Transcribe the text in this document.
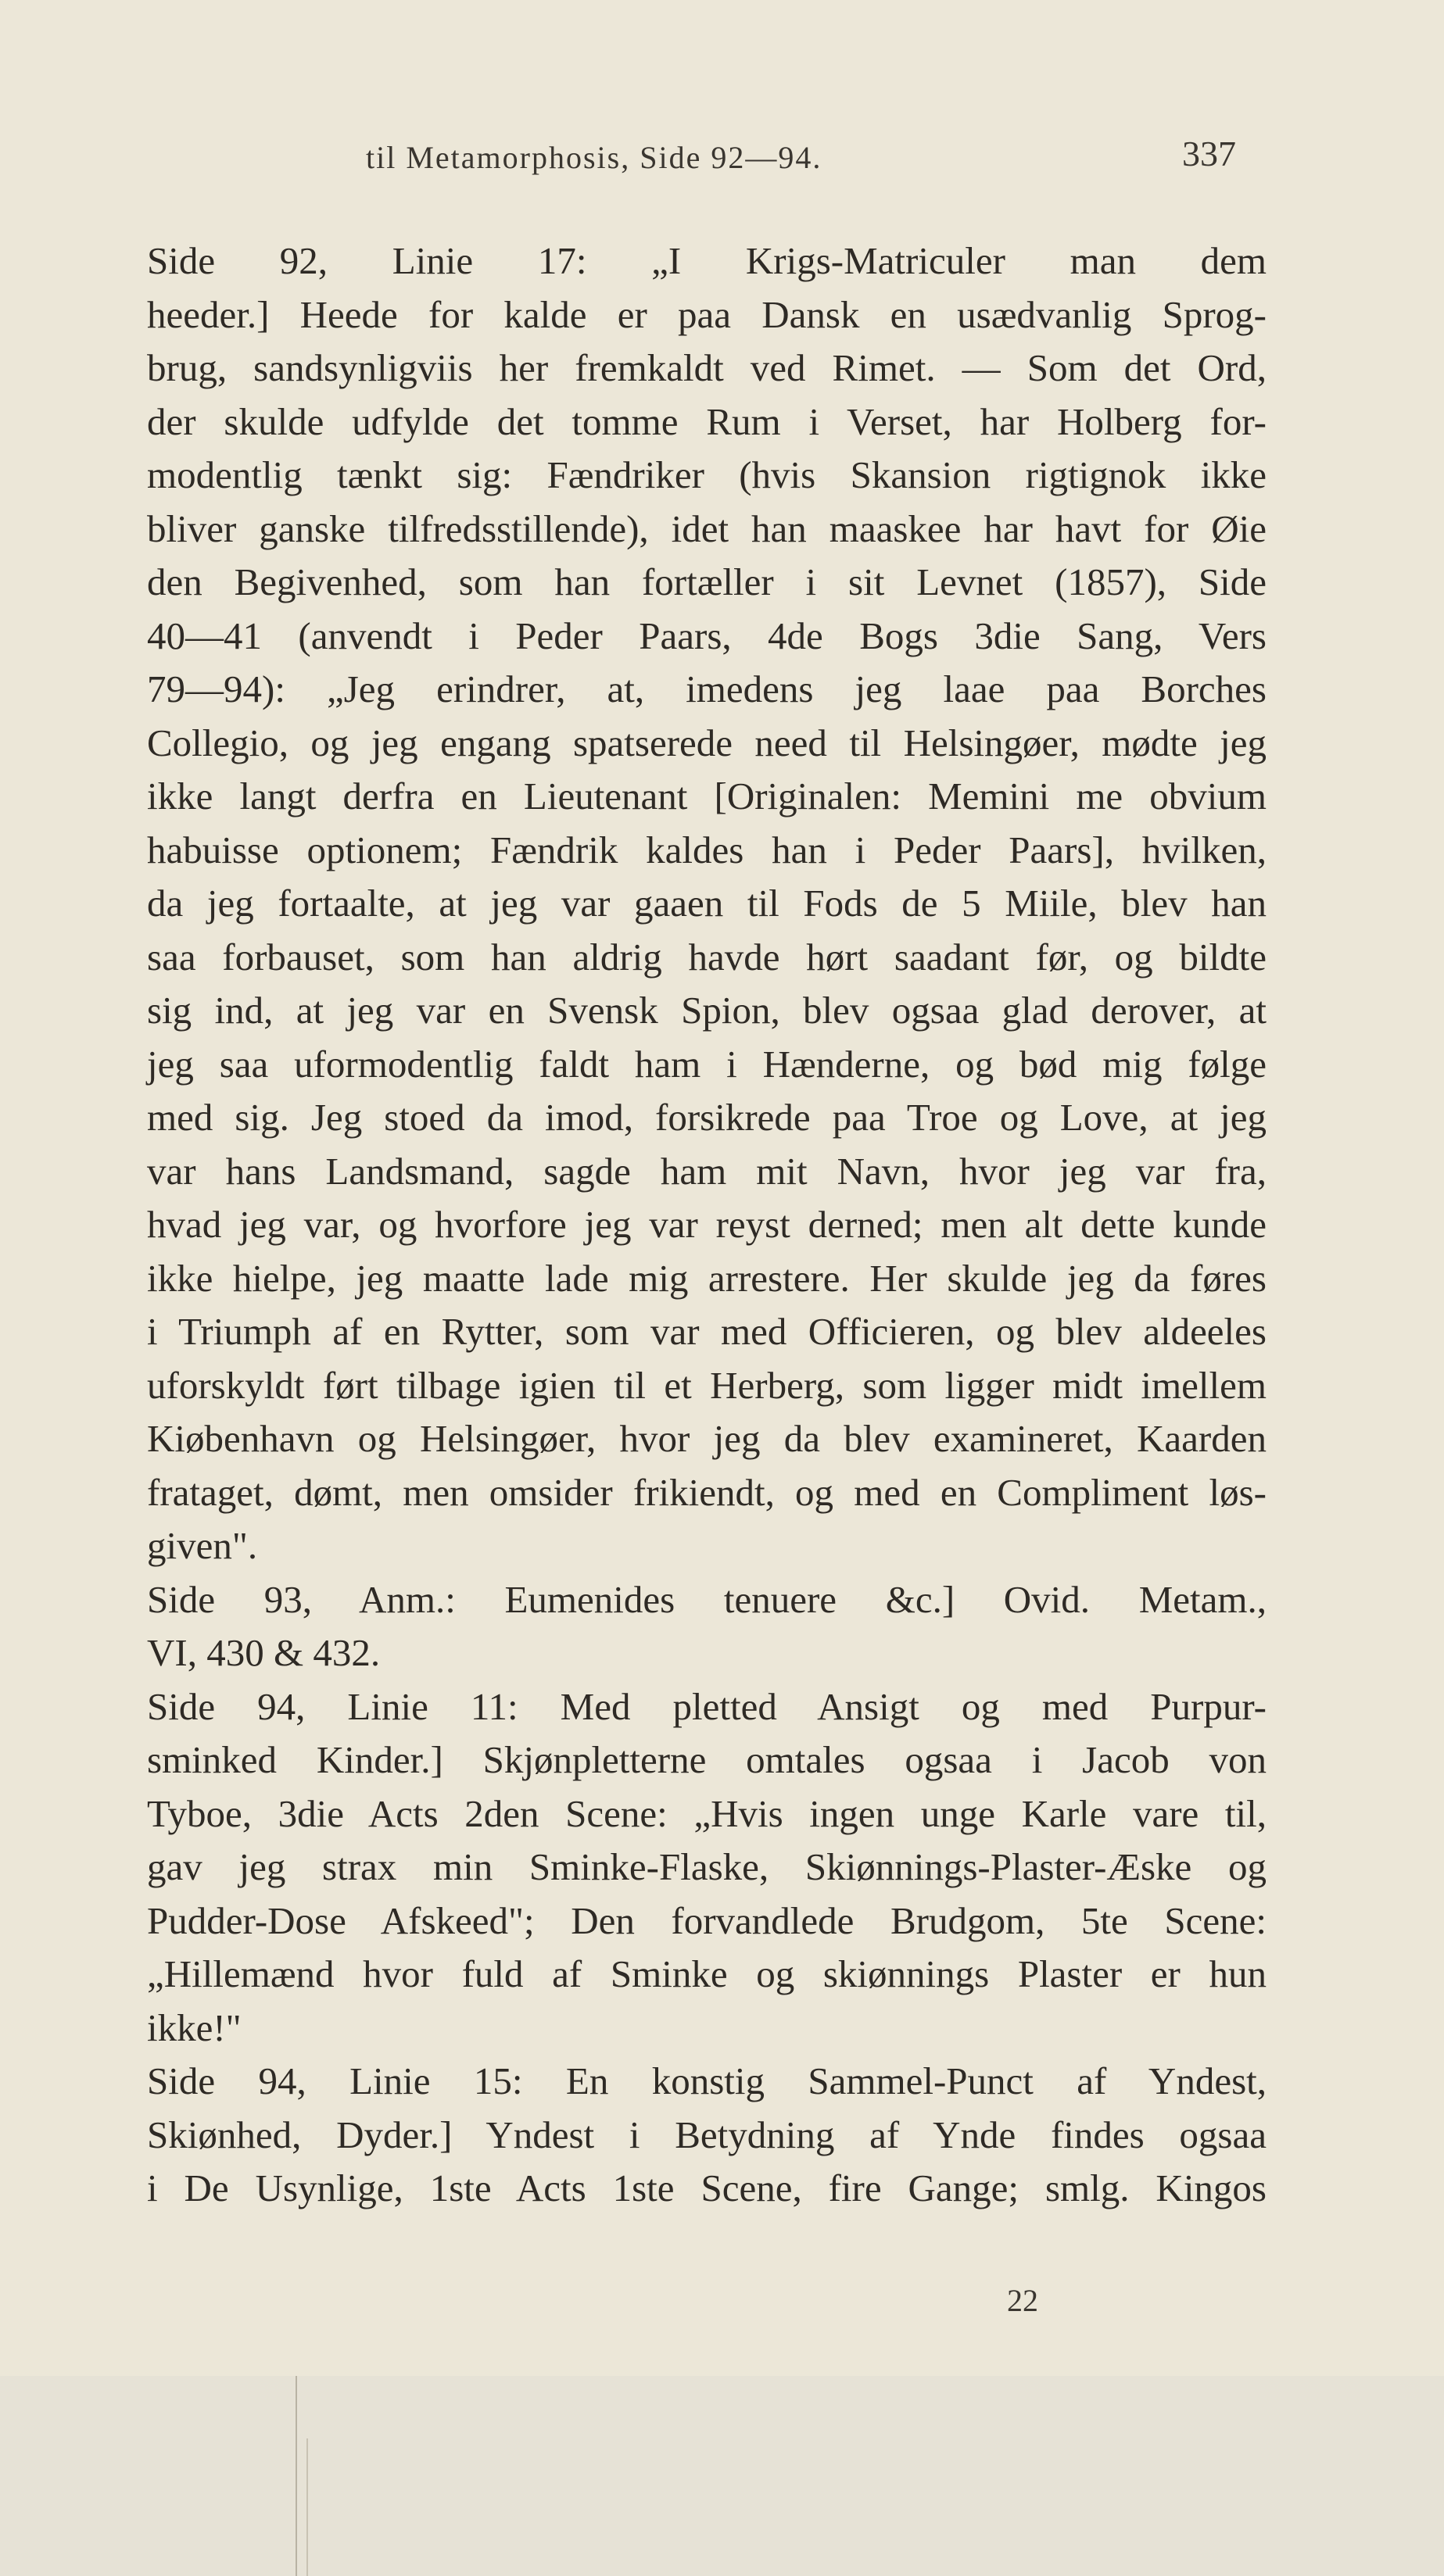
til Metamorphosis, Side 92—94.	337

Side 92, Linie 17: „I Krigs-Matriculer man dem
heeder.] Heede for kalde er paa Dansk en usædvanlig Sprog-
brug, sandsynligviis her fremkaldt ved Rimet. — Som det Ord,
der skulde udfylde det tomme Rum i Verset, har Holberg for-
modentlig tænkt sig: Fændriker (hvis Skansion rigtignok ikke
bliver ganske tilfredsstillende), idet han maaskee har havt for Øie
den Begivenhed, som han fortæller i sit Levnet (1857), Side
40—41 (anvendt i Peder Paars, 4de Bogs 3die Sang, Vers
79—94): „Jeg erindrer, at, imedens jeg laae paa Borches
Collegio, og jeg engang spatserede need til Helsingøer, mødte jeg
ikke langt derfra en Lieutenant [Originalen: Memini me obvium
habuisse optionem; Fændrik kaldes han i Peder Paars], hvilken,
da jeg fortaalte, at jeg var gaaen til Fods de 5 Miile, blev han
saa forbauset, som han aldrig havde hørt saadant før, og bildte
sig ind, at jeg var en Svensk Spion, blev ogsaa glad derover, at
jeg saa uformodentlig faldt ham i Hænderne, og bød mig følge
med sig. Jeg stoed da imod, forsikrede paa Troe og Love, at jeg
var hans Landsmand, sagde ham mit Navn, hvor jeg var fra,
hvad jeg var, og hvorfore jeg var reyst derned; men alt dette kunde
ikke hielpe, jeg maatte lade mig arrestere. Her skulde jeg da føres
i Triumph af en Rytter, som var med Officieren, og blev aldeeles
uforskyldt ført tilbage igien til et Herberg, som ligger midt imellem
Kiøbenhavn og Helsingøer, hvor jeg da blev examineret, Kaarden
frataget, dømt, men omsider frikiendt, og med en Compliment løs-
given".

Side 93, Anm.: Eumenides tenuere &c.] Ovid. Metam.,
VI, 430 & 432.

Side 94, Linie 11: Med pletted Ansigt og med Purpur-
sminked Kinder.] Skjønpletterne omtales ogsaa i Jacob von
Tyboe, 3die Acts 2den Scene: „Hvis ingen unge Karle vare til,
gav jeg strax min Sminke-Flaske, Skiønnings-Plaster-Æske og
Pudder-Dose Afskeed"; Den forvandlede Brudgom, 5te Scene:
„Hillemænd hvor fuld af Sminke og skiønnings Plaster er hun
ikke!"

Side 94, Linie 15: En konstig Sammel-Punct af Yndest,
Skiønhed, Dyder.] Yndest i Betydning af Ynde findes ogsaa
i De Usynlige, 1ste Acts 1ste Scene, fire Gange; smlg. Kingos

22
